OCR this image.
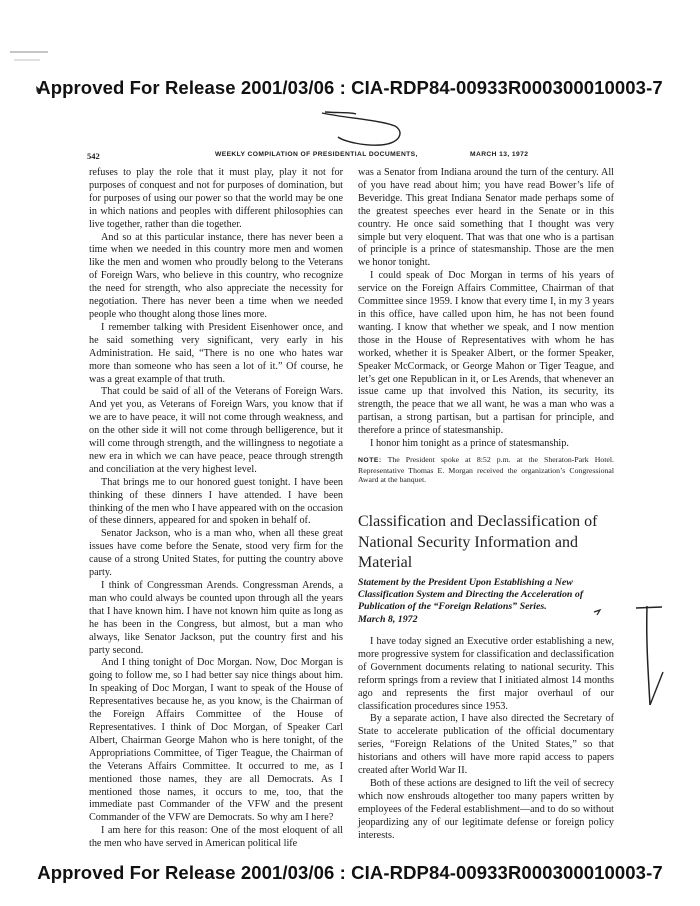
Approved For Release 2001/03/06 : CIA-RDP84-00933R000300010003-7
542	WEEKLY COMPILATION OF PRESIDENTIAL DOCUMENTS,	MARCH 13, 1972

refuses to play the role that it must play, play it not for purposes of conquest and not for purposes of domination, but for purposes of using our power so that the world may be one in which nations and peoples with different philosophies can live together, rather than die together.

And so at this particular instance, there has never been a time when we needed in this country more men and women like the men and women who proudly belong to the Veterans of Foreign Wars, who believe in this country, who recognize the need for strength, who also appreciate the necessity for negotiation. There has never been a time when we needed people who thought along those lines more.

I remember talking with President Eisenhower once, and he said something very significant, very early in his Administration. He said, “There is no one who hates war more than someone who has seen a lot of it.” Of course, he was a great example of that truth.

That could be said of all of the Veterans of Foreign Wars. And yet you, as Veterans of Foreign Wars, you know that if we are to have peace, it will not come through weakness, and on the other side it will not come through belligerence, but it will come through strength, and the willingness to negotiate a new era in which we can have peace, peace through strength and conciliation at the very highest level.

That brings me to our honored guest tonight. I have been thinking of these dinners I have attended. I have been thinking of the men who I have appeared with on the occasion of these dinners, appeared for and spoken in behalf of.

Senator Jackson, who is a man who, when all these great issues have come before the Senate, stood very firm for the cause of a strong United States, for putting the country above party.

I think of Congressman Arends. Congressman Arends, a man who could always be counted upon through all the years that I have known him. I have not known him quite as long as he has been in the Congress, but almost, but a man who always, like Senator Jackson, put the country first and his party second.

And I thing tonight of Doc Morgan. Now, Doc Morgan is going to follow me, so I had better say nice things about him. In speaking of Doc Morgan, I want to speak of the House of Representatives because he, as you know, is the Chairman of the Foreign Affairs Committee of the House of Representatives. I think of Doc Morgan, of Speaker Carl Albert, Chairman George Mahon who is here tonight, of the Appropriations Committee, of Tiger Teague, the Chairman of the Veterans Affairs Committee. It occurred to me, as I mentioned those names, they are all Democrats. As I mentioned those names, it occurs to me, too, that the immediate past Commander of the VFW and the present Commander of the VFW are Democrats. So why am I here?

I am here for this reason: One of the most eloquent of all the men who have served in American political life

was a Senator from Indiana around the turn of the century. All of you have read about him; you have read Bower’s life of Beveridge. This great Indiana Senator made perhaps some of the greatest speeches ever heard in the Senate or in this country. He once said something that I thought was very simple but very eloquent. That was that one who is a partisan of principle is a prince of statesmanship. Those are the men we honor tonight.

I could speak of Doc Morgan in terms of his years of service on the Foreign Affairs Committee, Chairman of that Committee since 1959. I know that every time I, in my 3 years in this office, have called upon him, he has not been found wanting. I know that whether we speak, and I now mention those in the House of Representatives with whom he has worked, whether it is Speaker Albert, or the former Speaker, Speaker McCormack, or George Mahon or Tiger Teague, and let’s get one Republican in it, or Les Arends, that whenever an issue came up that involved this Nation, its security, its strength, the peace that we all want, he was a man who was a partisan, a strong partisan, but a partisan for principle, and therefore a prince of statesmanship.

I honor him tonight as a prince of statesmanship.

NOTE: The President spoke at 8:52 p.m. at the Sheraton-Park Hotel. Representative Thomas E. Morgan received the organization’s Congressional Award at the banquet.

Classification and Declassification of National Security Information and Material
Statement by the President Upon Establishing a New Classification System and Directing the Acceleration of Publication of the “Foreign Relations” Series.
March 8, 1972

I have today signed an Executive order establishing a new, more progressive system for classification and declassification of Government documents relating to national security. This reform springs from a review that I initiated almost 14 months ago and represents the first major overhaul of our classification procedures since 1953.

By a separate action, I have also directed the Secretary of State to accelerate publication of the official documentary series, “Foreign Relations of the United States,” so that historians and others will have more rapid access to papers created after World War II.

Both of these actions are designed to lift the veil of secrecy which now enshrouds altogether too many papers written by employees of the Federal establishment—and to do so without jeopardizing any of our legitimate defense or foreign policy interests.

Approved For Release 2001/03/06 : CIA-RDP84-00933R000300010003-7
